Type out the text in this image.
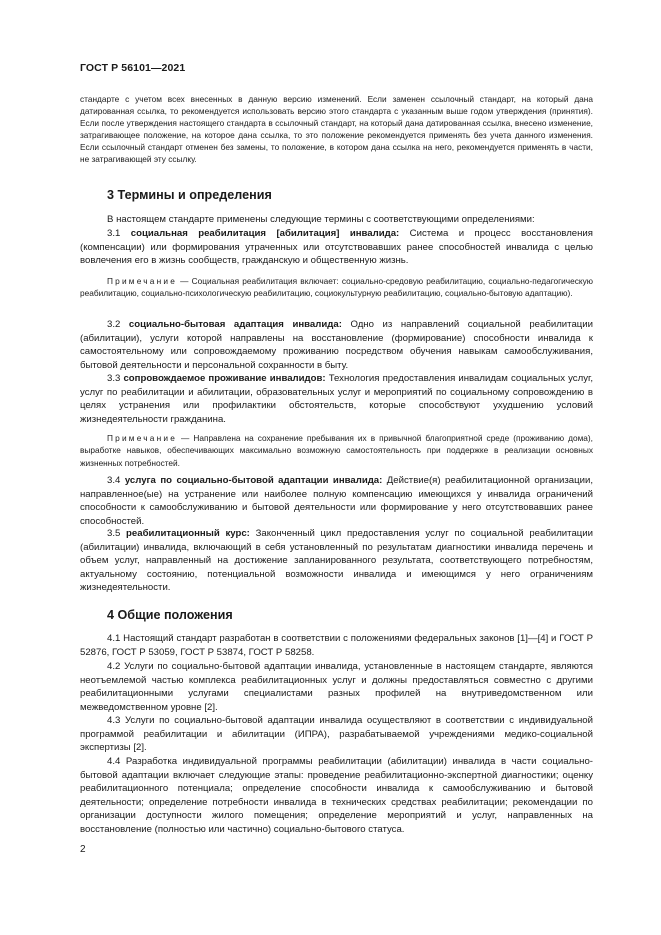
ГОСТ Р 56101—2021

стандарте с учетом всех внесенных в данную версию изменений. Если заменен ссылочный стандарт, на который дана датированная ссылка, то рекомендуется использовать версию этого стандарта с указанным выше годом утверждения (принятия). Если после утверждения настоящего стандарта в ссылочный стандарт, на который дана датированная ссылка, внесено изменение, затрагивающее положение, на которое дана ссылка, то это положение рекомендуется применять без учета данного изменения. Если ссылочный стандарт отменен без замены, то положение, в котором дана ссылка на него, рекомендуется применять в части, не затрагивающей эту ссылку.

3 Термины и определения

В настоящем стандарте применены следующие термины с соответствующими определениями:

3.1 социальная реабилитация [абилитация] инвалида: Система и процесс восстановления (компенсации) или формирования утраченных или отсутствовавших ранее способностей инвалида с целью вовлечения его в жизнь сообществ, гражданскую и общественную жизнь.

Примечание — Социальная реабилитация включает: социально-средовую реабилитацию, социально-педагогическую реабилитацию, социально-психологическую реабилитацию, социокультурную реабилитацию, социально-бытовую адаптацию).

3.2 социально-бытовая адаптация инвалида: Одно из направлений социальной реабилитации (абилитации), услуги которой направлены на восстановление (формирование) способности инвалида к самостоятельному или сопровождаемому проживанию посредством обучения навыкам самообслуживания, бытовой деятельности и персональной сохранности в быту.

3.3 сопровождаемое проживание инвалидов: Технология предоставления инвалидам социальных услуг, услуг по реабилитации и абилитации, образовательных услуг и мероприятий по социальному сопровождению в целях устранения или профилактики обстоятельств, которые способствуют ухудшению условий жизнедеятельности гражданина.

Примечание — Направлена на сохранение пребывания их в привычной благоприятной среде (проживанию дома), выработке навыков, обеспечивающих максимально возможную самостоятельность при поддержке в реализации основных жизненных потребностей.

3.4 услуга по социально-бытовой адаптации инвалида: Действие(я) реабилитационной организации, направленное(ые) на устранение или наиболее полную компенсацию имеющихся у инвалида ограничений способности к самообслуживанию и бытовой деятельности или формирование у него отсутствовавших ранее способностей.

3.5 реабилитационный курс: Законченный цикл предоставления услуг по социальной реабилитации (абилитации) инвалида, включающий в себя установленный по результатам диагностики инвалида перечень и объем услуг, направленный на достижение запланированного результата, соответствующего потребностям, актуальному состоянию, потенциальной возможности инвалида и имеющимся у него ограничениям жизнедеятельности.

4 Общие положения

4.1 Настоящий стандарт разработан в соответствии с положениями федеральных законов [1]—[4] и ГОСТ Р 52876, ГОСТ Р 53059, ГОСТ Р 53874, ГОСТ Р 58258.

4.2 Услуги по социально-бытовой адаптации инвалида, установленные в настоящем стандарте, являются неотъемлемой частью комплекса реабилитационных услуг и должны предоставляться совместно с другими реабилитационными услугами специалистами разных профилей на внутриведомственном или межведомственном уровне [2].

4.3 Услуги по социально-бытовой адаптации инвалида осуществляют в соответствии с индивидуальной программой реабилитации и абилитации (ИПРА), разрабатываемой учреждениями медико-социальной экспертизы [2].

4.4 Разработка индивидуальной программы реабилитации (абилитации) инвалида в части социально-бытовой адаптации включает следующие этапы: проведение реабилитационно-экспертной диагностики; оценку реабилитационного потенциала; определение способности инвалида к самообслуживанию и бытовой деятельности; определение потребности инвалида в технических средствах реабилитации; рекомендации по организации доступности жилого помещения; определение мероприятий и услуг, направленных на восстановление (полностью или частично) социально-бытового статуса.

2
